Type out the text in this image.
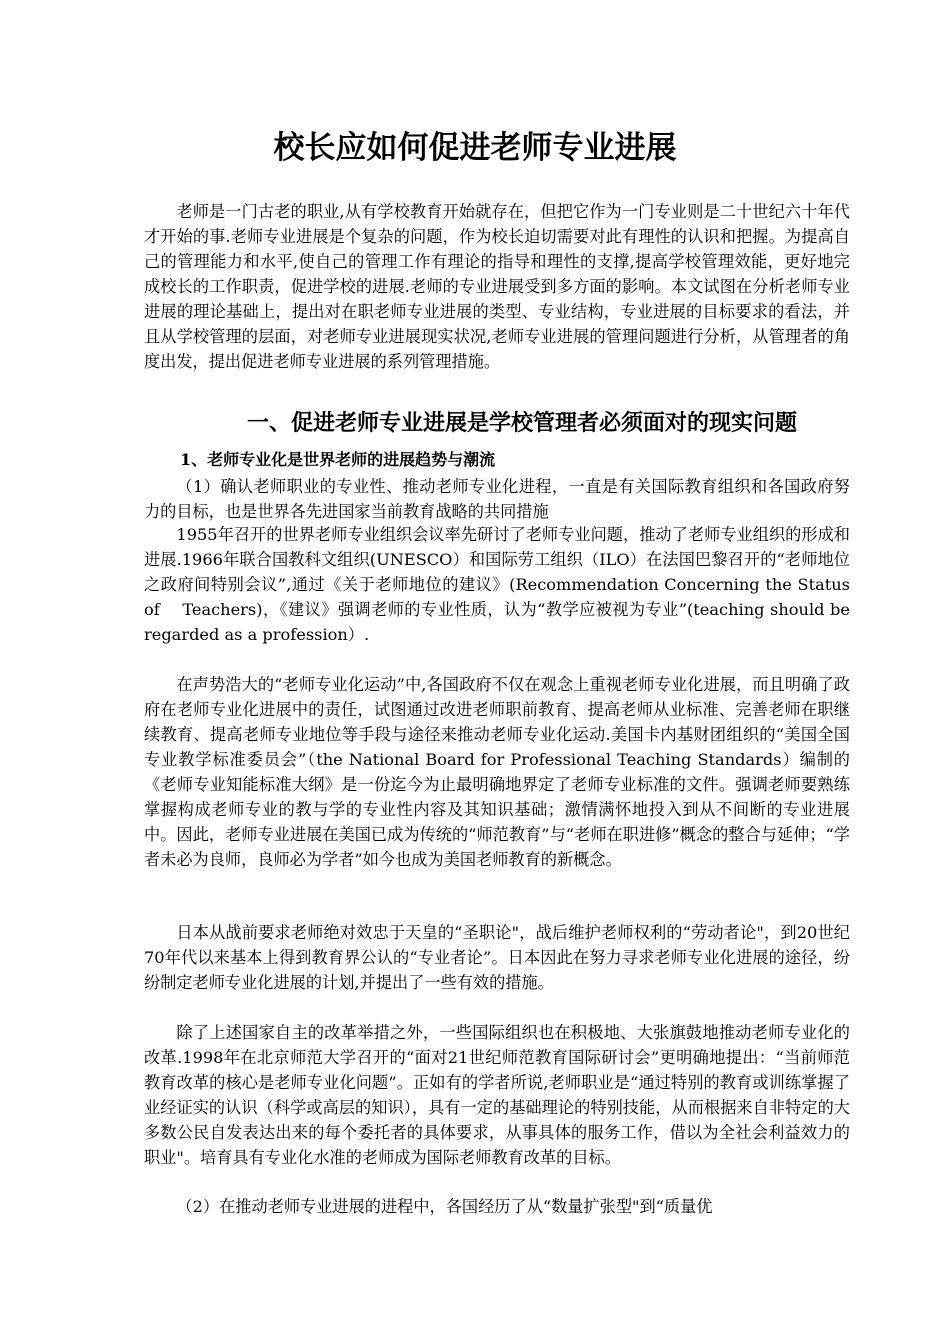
校长应如何促进老师专业进展

老师是一门古老的职业,从有学校教育开始就存在，但把它作为一门专业则是二十世纪六十年代才开始的事.老师专业进展是个复杂的问题，作为校长迫切需要对此有理性的认识和把握。为提高自己的管理能力和水平,使自己的管理工作有理论的指导和理性的支撑,提高学校管理效能，更好地完成校长的工作职责，促进学校的进展.老师的专业进展受到多方面的影响。本文试图在分析老师专业进展的理论基础上，提出对在职老师专业进展的类型、专业结构，专业进展的目标要求的看法，并且从学校管理的层面，对老师专业进展现实状况,老师专业进展的管理问题进行分析，从管理者的角度出发，提出促进老师专业进展的系列管理措施。

一、促进老师专业进展是学校管理者必须面对的现实问题
1、老师专业化是世界老师的进展趋势与潮流

（1）确认老师职业的专业性、推动老师专业化进程，一直是有关国际教育组织和各国政府努力的目标，也是世界各先进国家当前教育战略的共同措施

1955年召开的世界老师专业组织会议率先研讨了老师专业问题，推动了老师专业组织的形成和进展.1966年联合国教科文组织(UNESCO）和国际劳工组织（ILO）在法国巴黎召开的“老师地位之政府间特别会议”,通过《关于老师地位的建议》(Recommendation Concerning the Status of　 Teachers)，《建议》强调老师的专业性质，认为“教学应被视为专业”(teaching should be regarded as a profession）.

在声势浩大的“老师专业化运动”中,各国政府不仅在观念上重视老师专业化进展，而且明确了政府在老师专业化进展中的责任，试图通过改进老师职前教育、提高老师从业标准、完善老师在职继续教育、提高老师专业地位等手段与途径来推动老师专业化运动.美国卡内基财团组织的“美国全国专业教学标准委员会”（the National Board for Professional Teaching Standards）编制的《老师专业知能标准大纲》是一份迄今为止最明确地界定了老师专业标准的文件。强调老师要熟练掌握构成老师专业的教与学的专业性内容及其知识基础；激情满怀地投入到从不间断的专业进展中。因此，老师专业进展在美国已成为传统的“师范教育”与“老师在职进修”概念的整合与延伸；“学者未必为良师，良师必为学者”如今也成为美国老师教育的新概念。

日本从战前要求老师绝对效忠于天皇的“圣职论"，战后维护老师权利的“劳动者论"，到20世纪70年代以来基本上得到教育界公认的“专业者论”。日本因此在努力寻求老师专业化进展的途径，纷纷制定老师专业化进展的计划,并提出了一些有效的措施。

除了上述国家自主的改革举措之外，一些国际组织也在积极地、大张旗鼓地推动老师专业化的改革.1998年在北京师范大学召开的“面对21世纪师范教育国际研讨会”更明确地提出：“当前师范教育改革的核心是老师专业化问题”。正如有的学者所说,老师职业是“通过特别的教育或训练掌握了业经证实的认识（科学或高层的知识），具有一定的基础理论的特别技能，从而根据来自非特定的大多数公民自发表达出来的每个委托者的具体要求，从事具体的服务工作，借以为全社会利益效力的职业"。培育具有专业化水准的老师成为国际老师教育改革的目标。

（2）在推动老师专业进展的进程中，各国经历了从“数量扩张型"到“质量优
